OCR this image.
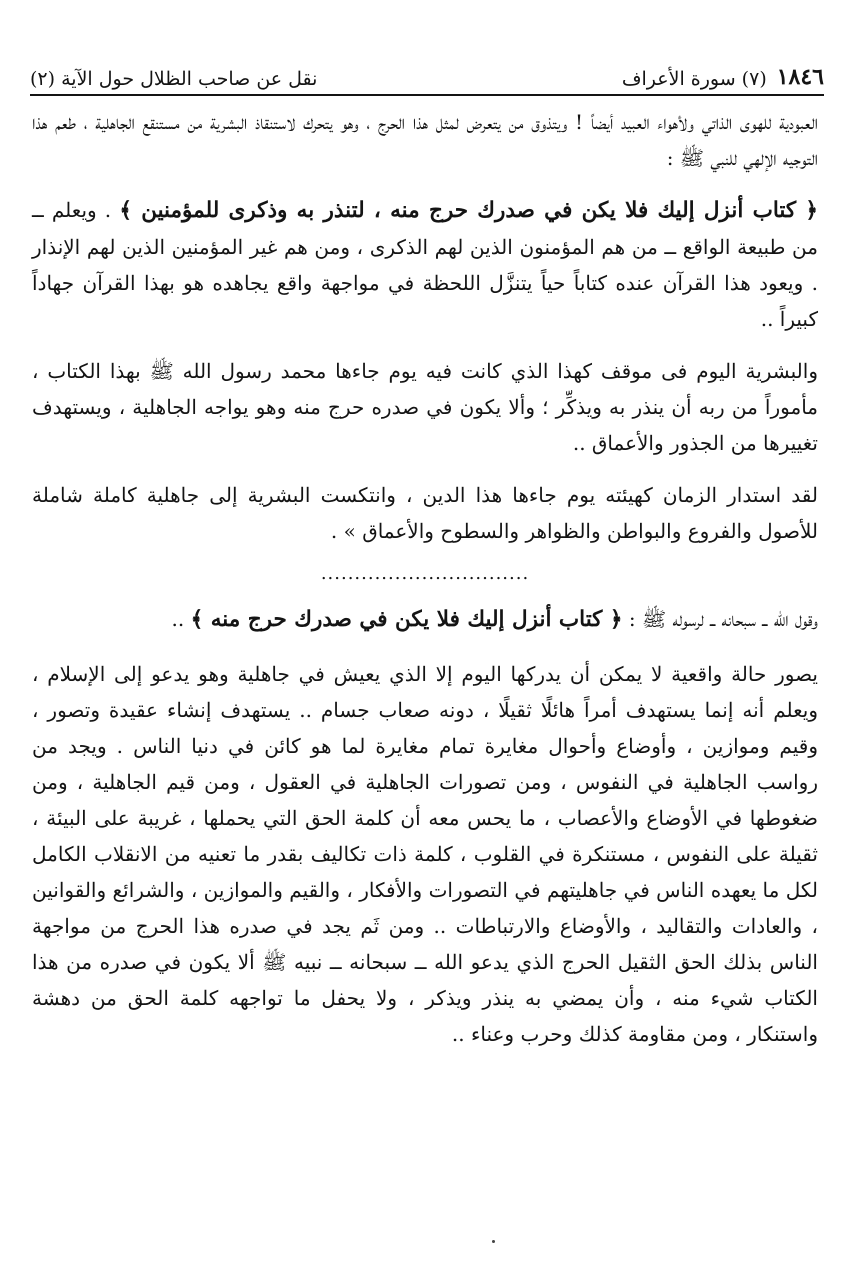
١٨٤٦
(٧) سورة الأعراف
نقل عن صاحب الظلال حول الآية (٢)

العبودية للهوى الذاتي ولأهواء العبيد أيضاً ! ويتذوق من يتعرض لمثل هذا الحرج ، وهو يتحرك لاستنقاذ البشرية من مستنقع الجاهلية ، طعم هذا التوجيه الإلهي للنبي ﷺ :

﴿ كتاب أنزل إليك فلا يكن في صدرك حرج منه ، لتنذر به وذكرى للمؤمنين ﴾ . ويعلم ــ من طبيعة الواقع ــ من هم المؤمنون الذين لهم الذكرى ، ومن هم غير المؤمنين الذين لهم الإنذار . ويعود هذا القرآن عنده كتاباً حياً يتنزَّل اللحظة في مواجهة واقع يجاهده هو بهذا القرآن جهاداً كبيراً ..

والبشرية اليوم فى موقف كهذا الذي كانت فيه يوم جاءها محمد رسول الله ﷺ بهذا الكتاب ، مأموراً من ربه أن ينذر به ويذكِّر ؛ وألا يكون في صدره حرج منه وهو يواجه الجاهلية ، ويستهدف تغييرها من الجذور والأعماق ..

لقد استدار الزمان كهيئته يوم جاءها هذا الدين ، وانتكست البشرية إلى جاهلية كاملة شاملة للأصول والفروع والبواطن والظواهر والسطوح والأعماق » .

...............................

وقول الله ــ سبحانه ــ لرسوله ﷺ : ﴿ كتاب أنزل إليك فلا يكن في صدرك حرج منه ﴾ ..

يصور حالة واقعية لا يمكن أن يدركها اليوم إلا الذي يعيش في جاهلية وهو يدعو إلى الإسلام ، ويعلم أنه إنما يستهدف أمراً هائلًا ثقيلًا ، دونه صعاب جسام .. يستهدف إنشاء عقيدة وتصور ، وقيم وموازين ، وأوضاع وأحوال مغايرة تمام مغايرة لما هو كائن في دنيا الناس . ويجد من رواسب الجاهلية في النفوس ، ومن تصورات الجاهلية في العقول ، ومن قيم الجاهلية ، ومن ضغوطها في الأوضاع والأعصاب ، ما يحس معه أن كلمة الحق التي يحملها ، غريبة على البيئة ، ثقيلة على النفوس ، مستنكرة في القلوب ، كلمة ذات تكاليف بقدر ما تعنيه من الانقلاب الكامل لكل ما يعهده الناس في جاهليتهم في التصورات والأفكار ، والقيم والموازين ، والشرائع والقوانين ، والعادات والتقاليد ، والأوضاع والارتباطات .. ومن ثَم يجد في صدره هذا الحرج من مواجهة الناس بذلك الحق الثقيل الحرج الذي يدعو الله ــ سبحانه ــ نبيه ﷺ ألا يكون في صدره من هذا الكتاب شيء منه ، وأن يمضي به ينذر ويذكر ، ولا يحفل ما تواجهه كلمة الحق من دهشة واستنكار ، ومن مقاومة كذلك وحرب وعناء ..
